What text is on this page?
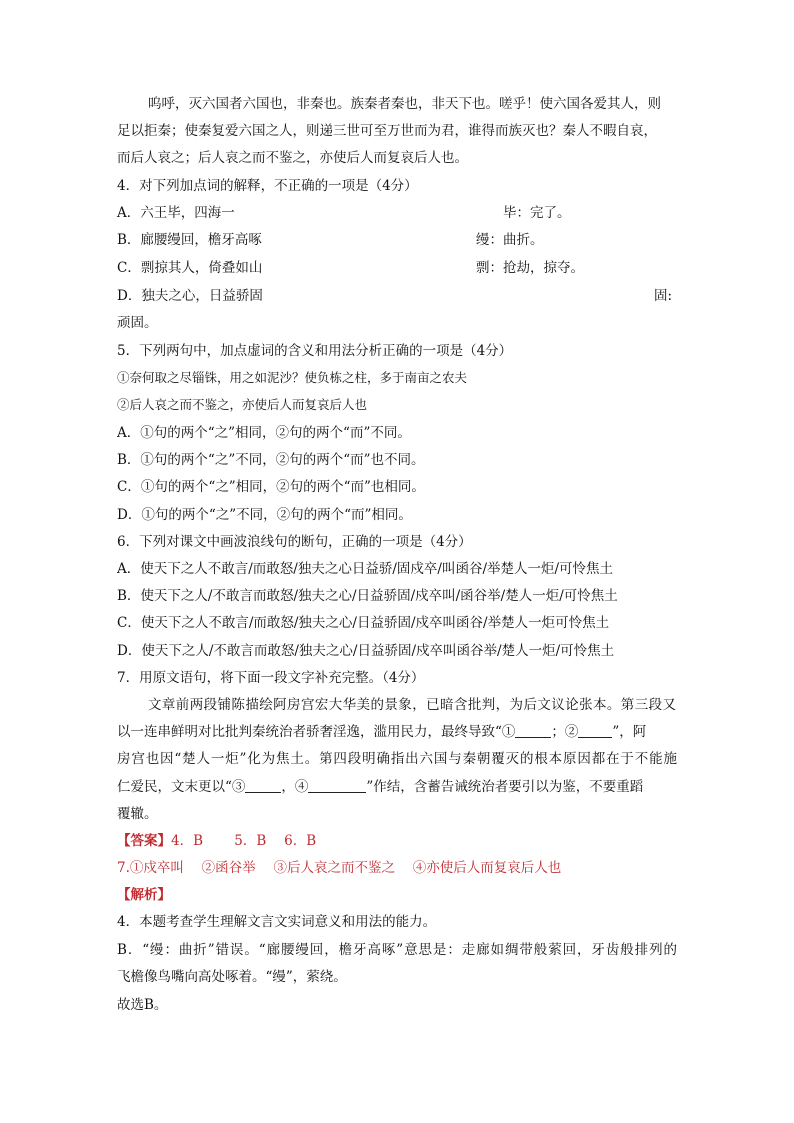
呜呼，灭六国者六国也，非秦也。族秦者秦也，非天下也。嗟乎！使六国各爱其人，则
足以拒秦；使秦复爱六国之人，则递三世可至万世而为君，谁得而族灭也？秦人不暇自哀，
而后人哀之；后人哀之而不鉴之，亦使后人而复哀后人也。
4．对下列加点词的解释，不正确的一项是（4分）
A．六王毕，四海一	毕：完了。
B．廊腰缦回，檐牙高啄	缦：曲折。
C．剽掠其人，倚叠如山	剽：抢劫，掠夺。
D．独夫之心，日益骄固	固:
顽固。
5．下列两句中，加点虚词的含义和用法分析正确的一项是（4分）
①奈何取之尽锱铢，用之如泥沙？使负栋之柱，多于南亩之农夫
②后人哀之而不鉴之，亦使后人而复哀后人也
A．①句的两个“之”相同，②句的两个“而”不同。
B．①句的两个“之”不同，②句的两个“而”也不同。
C．①句的两个“之”相同，②句的两个“而”也相同。
D．①句的两个“之”不同，②句的两个“而”相同。
6．下列对课文中画波浪线句的断句，正确的一项是（4分）
A．使天下之人不敢言/而敢怒/独夫之心日益骄/固戍卒/叫函谷/举楚人一炬/可怜焦土
B．使天下之人/不敢言而敢怒/独夫之心/日益骄固/戍卒叫/函谷举/楚人一炬/可怜焦土
C．使天下之人不敢言/而敢怒/独夫之心/日益骄固/戍卒叫函谷/举楚人一炬可怜焦土
D．使天下之人/不敢言而敢怒/独夫之心/日益骄固/戍卒叫函谷举/楚人一炬/可怜焦土
7．用原文语句，将下面一段文字补充完整。（4分）
文章前两段铺陈描绘阿房宫宏大华美的景象，已暗含批判，为后文议论张本。第三段又
以一连串鲜明对比批判秦统治者骄奢淫逸，滥用民力，最终导致“①	；②	”，阿
房宫也因“楚人一炬”化为焦土。第四段明确指出六国与秦朝覆灭的根本原因都在于不能施
仁爱民，文末更以“③	，④	”作结，含蓄告诫统治者要引以为鉴，不要重蹈
覆辙。
【答案】4．B　　 5．B　 6．B
7.①戍卒叫　 ②函谷举　 ③后人哀之而不鉴之　 ④亦使后人而复哀后人也
【解析】
4．本题考查学生理解文言文实词意义和用法的能力。
B．“缦：曲折”错误。“廊腰缦回，檐牙高啄”意思是：走廊如绸带般萦回，牙齿般排列的
飞檐像鸟嘴向高处啄着。“缦”，萦绕。
故选B。
